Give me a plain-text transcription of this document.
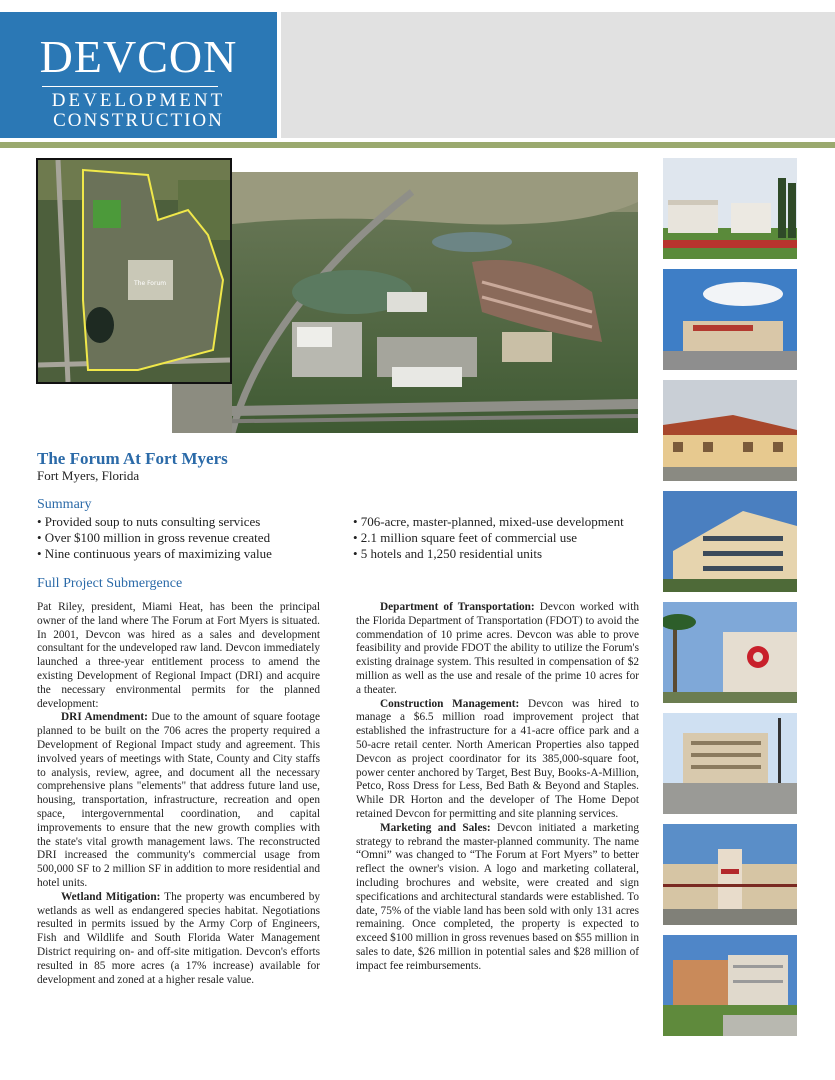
DEVCON
DEVELOPMENT
CONSTRUCTION
The Forum
The Forum At Fort Myers
Fort Myers, Florida
Summary
• Provided soup to nuts consulting services
• Over $100 million in gross revenue created
• Nine continuous years of maximizing value
• 706-acre, master-planned, mixed-use development
• 2.1 million square feet of commercial use
• 5 hotels and 1,250 residential units
Full Project Submergence

Pat Riley, president, Miami Heat, has been the principal owner of the land where The Forum at Fort Myers is situated. In 2001, Devcon was hired as a sales and development consultant for the undeveloped raw land. Devcon immediately launched a three-year entitlement process to amend the existing Development of Regional Impact (DRI) and acquire the necessary environmental permits for the planned development:

DRI Amendment: Due to the amount of square footage planned to be built on the 706 acres the property required a Development of Regional Impact study and agreement. This involved years of meetings with State, County and City staffs to analysis, review, agree, and document all the necessary comprehensive plans "elements" that address future land use, housing, transportation, infrastructure, recreation and open space, intergovernmental coordination, and capital improvements to ensure that the new growth complies with the state's vital growth management laws. The reconstructed DRI increased the community's commercial usage from 500,000 SF to 2 million SF in addition to more residential and hotel units.

Wetland Mitigation: The property was encumbered by wetlands as well as endangered species habitat. Negotiations resulted in permits issued by the Army Corp of Engineers, Fish and Wildlife and South Florida Water Management District requiring on- and off-site mitigation. Devcon's efforts resulted in 85 more acres (a 17% increase) available for development and zoned at a higher resale value.

Department of Transportation: Devcon worked with the Florida Department of Transportation (FDOT) to avoid the commendation of 10 prime acres. Devcon was able to prove feasibility and provide FDOT the ability to utilize the Forum's existing drainage system. This resulted in compensation of $2 million as well as the use and resale of the prime 10 acres for a theater.

Construction Management: Devcon was hired to manage a $6.5 million road improvement project that established the infrastructure for a 41-acre office park and a 50-acre retail center. North American Properties also tapped Devcon as project coordinator for its 385,000-square foot, power center anchored by Target, Best Buy, Books-A-Million, Petco, Ross Dress for Less, Bed Bath & Beyond and Staples. While DR Horton and the developer of The Home Depot retained Devcon for permitting and site planning services.

Marketing and Sales: Devcon initiated a marketing strategy to rebrand the master-planned community. The name “Omni” was changed to “The Forum at Fort Myers” to better reflect the owner's vision. A logo and marketing collateral, including brochures and website, were created and sign specifications and architectural standards were established. To date, 75% of the viable land has been sold with only 131 acres remaining. Once completed, the property is expected to exceed $100 million in gross revenues based on $55 million in sales to date, $26 million in potential sales and $28 million of impact fee reimbursements.
